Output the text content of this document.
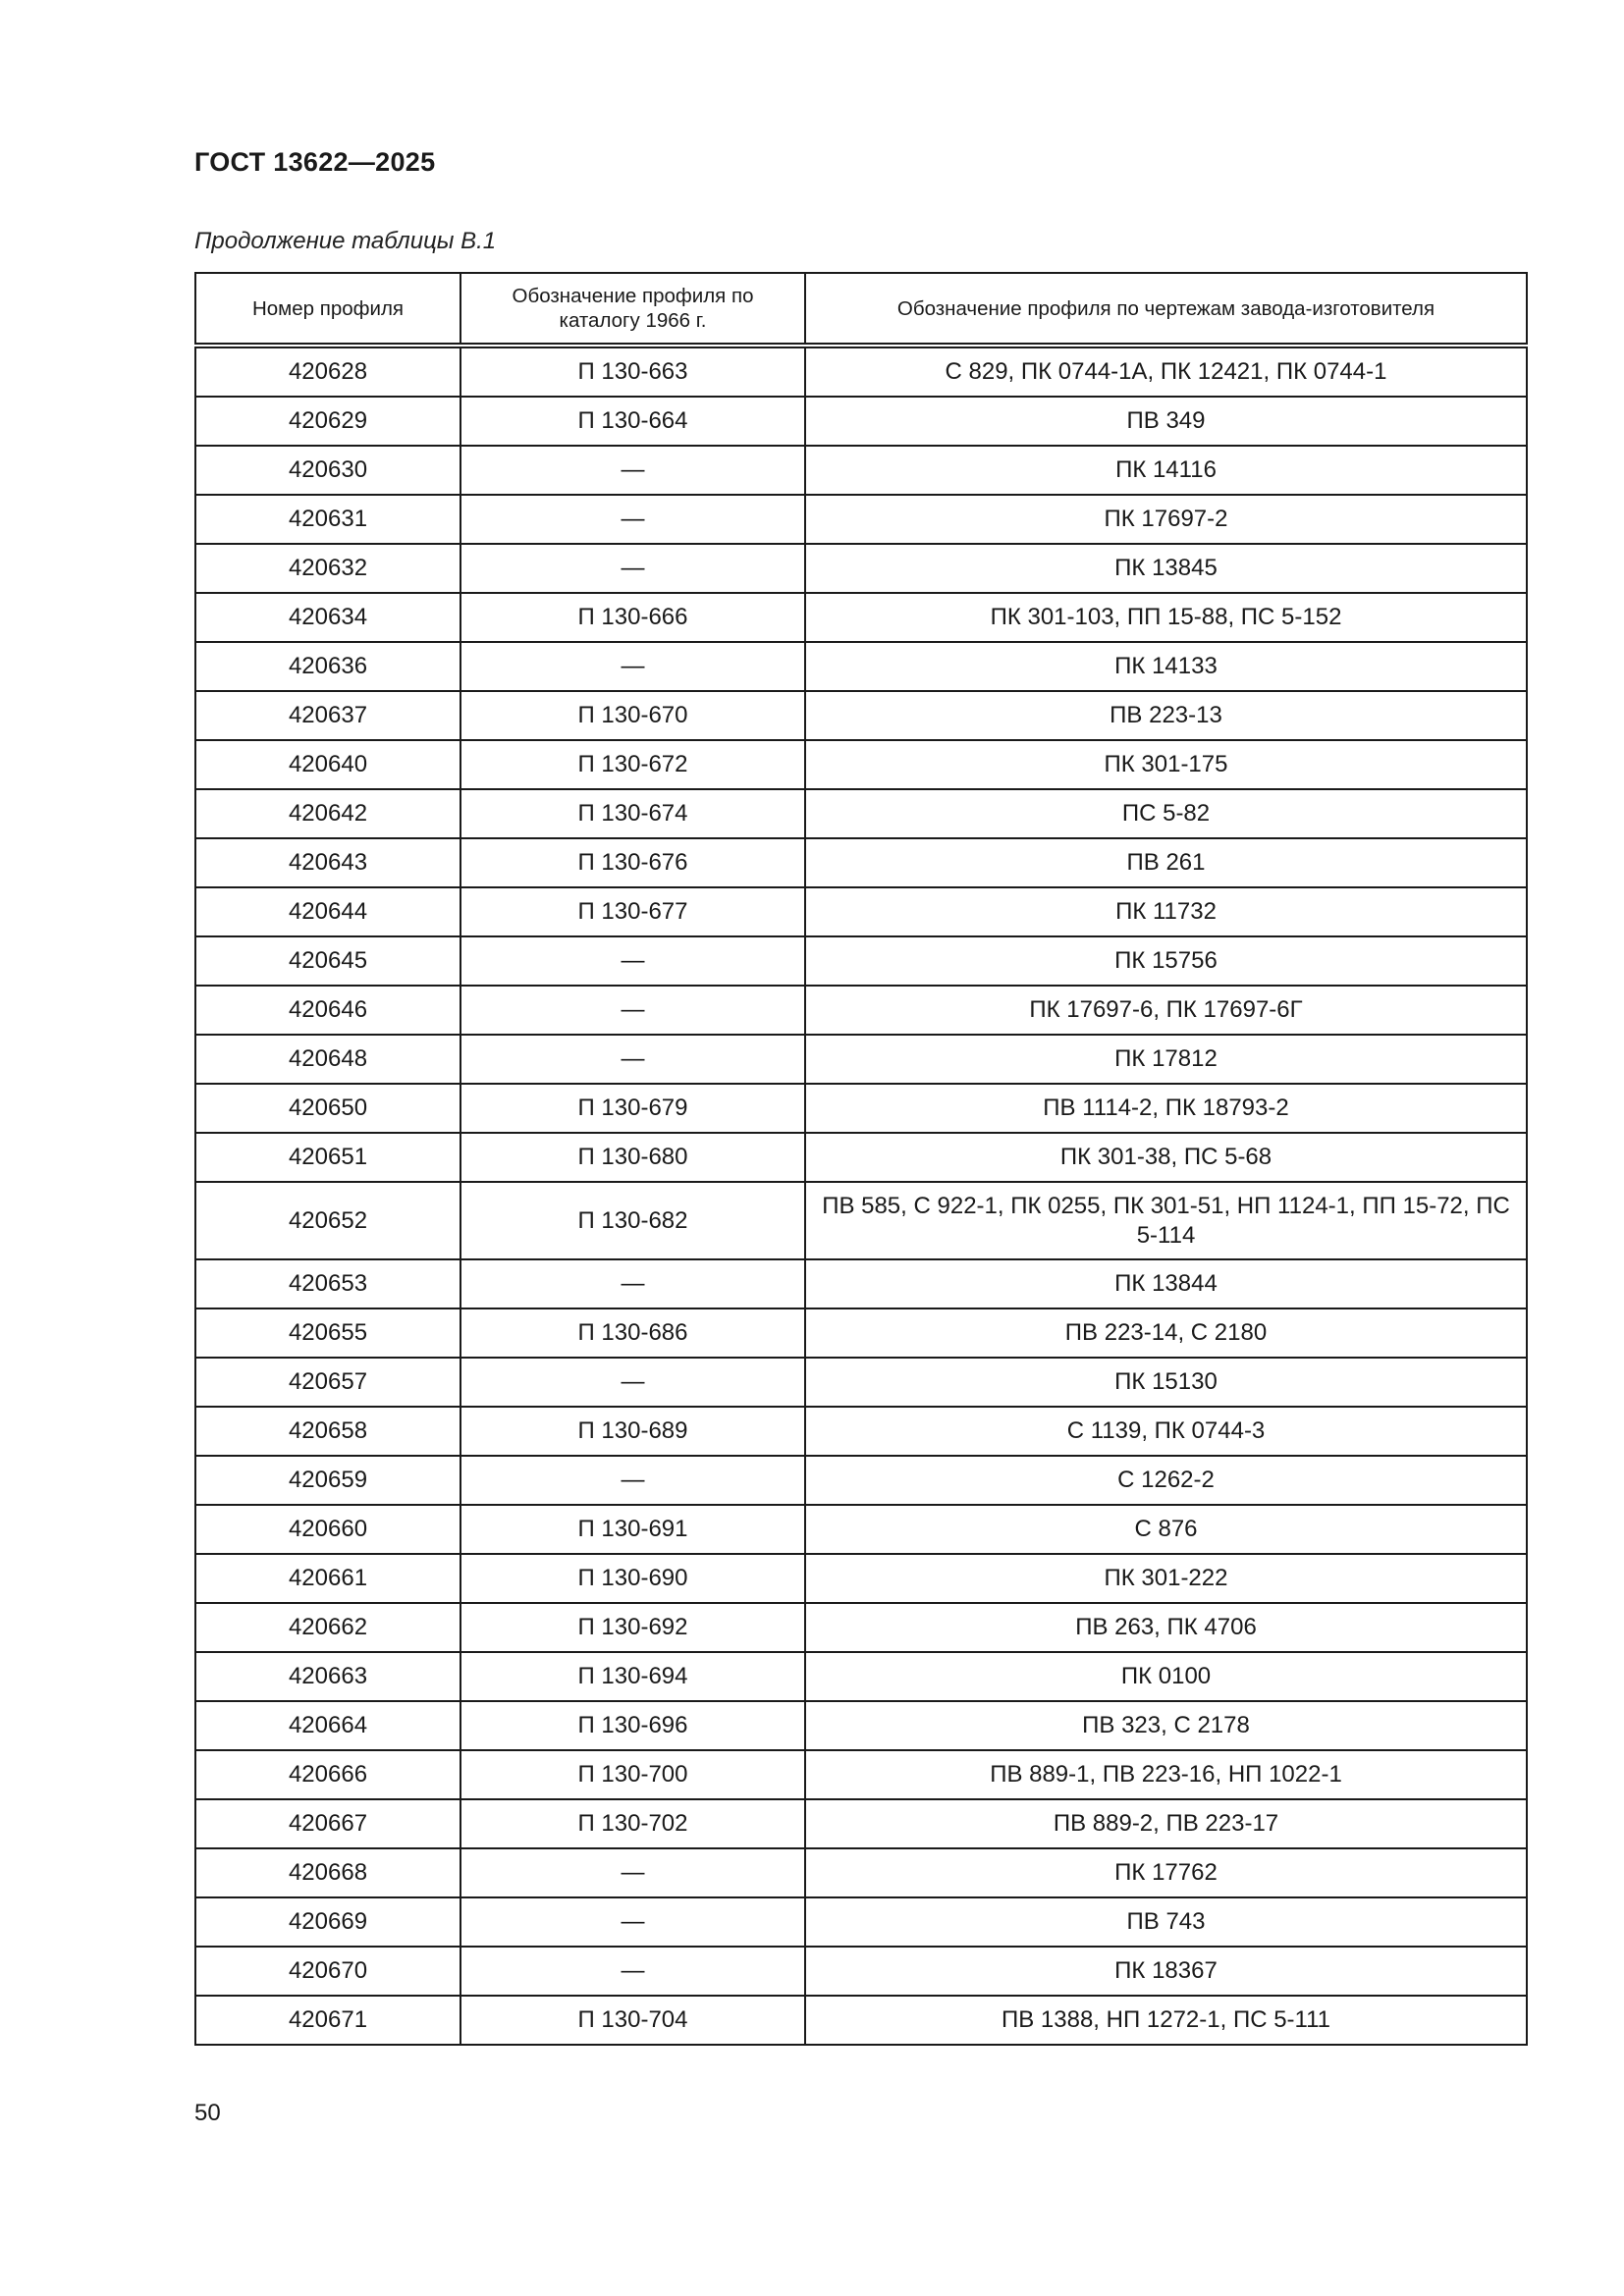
ГОСТ 13622—2025
Продолжение таблицы В.1
Номер профиля	Обозначение профиля по каталогу 1966 г.	Обозначение профиля по чертежам завода-изготовителя
420628	П 130-663	С 829, ПК 0744-1А, ПК 12421, ПК 0744-1
420629	П 130-664	ПВ 349
420630	—	ПК 14116
420631	—	ПК 17697-2
420632	—	ПК 13845
420634	П 130-666	ПК 301-103, ПП 15-88, ПС 5-152
420636	—	ПК 14133
420637	П 130-670	ПВ 223-13
420640	П 130-672	ПК 301-175
420642	П 130-674	ПС 5-82
420643	П 130-676	ПВ 261
420644	П 130-677	ПК 11732
420645	—	ПК 15756
420646	—	ПК 17697-6, ПК 17697-6Г
420648	—	ПК 17812
420650	П 130-679	ПВ 1114-2, ПК 18793-2
420651	П 130-680	ПК 301-38, ПС 5-68
420652	П 130-682	ПВ 585, С 922-1, ПК 0255, ПК 301-51, НП 1124-1, ПП 15-72, ПС 5-114
420653	—	ПК 13844
420655	П 130-686	ПВ 223-14, С 2180
420657	—	ПК 15130
420658	П 130-689	С 1139, ПК 0744-3
420659	—	С 1262-2
420660	П 130-691	С 876
420661	П 130-690	ПК 301-222
420662	П 130-692	ПВ 263, ПК 4706
420663	П 130-694	ПК 0100
420664	П 130-696	ПВ 323, С 2178
420666	П 130-700	ПВ 889-1, ПВ 223-16, НП 1022-1
420667	П 130-702	ПВ 889-2, ПВ 223-17
420668	—	ПК 17762
420669	—	ПВ 743
420670	—	ПК 18367
420671	П 130-704	ПВ 1388, НП 1272-1, ПС 5-111
50
